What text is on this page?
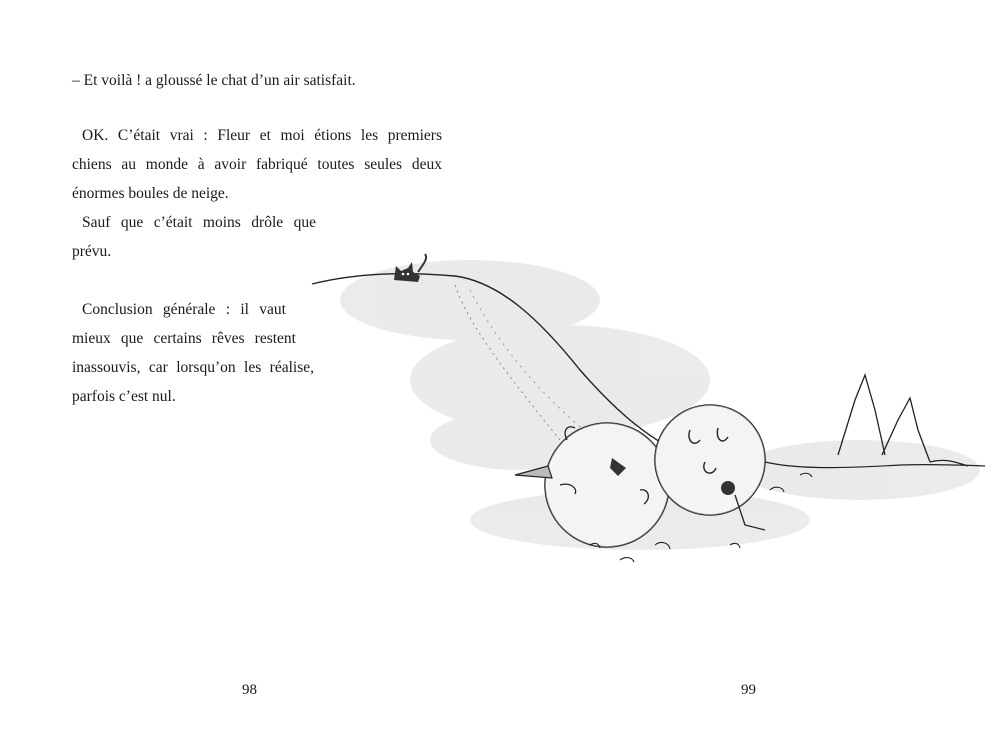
– Et voilà ! a gloussé le chat d’un air satisfait.

OK. C’était vrai : Fleur et moi étions les premiers
chiens au monde à avoir fabriqué toutes seules deux
énormes boules de neige.
Sauf que c’était moins drôle que
prévu.

Conclusion générale : il vaut
mieux que certains rêves restent
inassouvis, car lorsqu’on les réalise,
parfois c’est nul.

98	99
